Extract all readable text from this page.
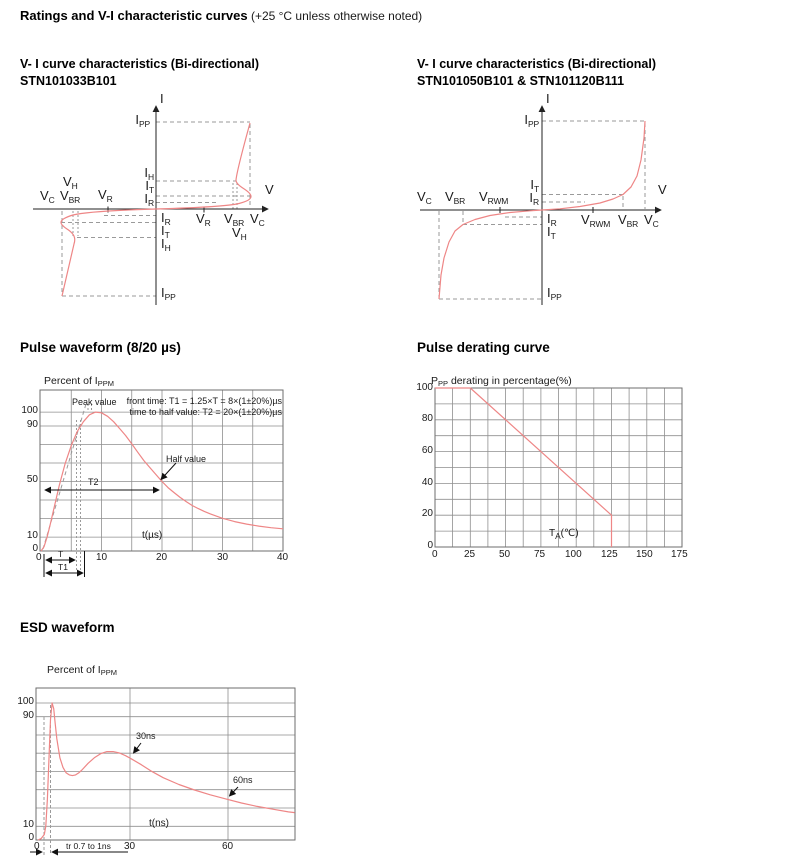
Ratings and V-I characteristic curves (+25 °C unless otherwise noted)
V- I curve characteristics (Bi-directional)
STN101033B101
V- I curve characteristics (Bi-directional)
STN101050B101 & STN101120B111
Pulse waveform (8/20 µs)	Pulse derating curve
ESD waveform
I
V
$I_{PP}$
$I_H$
$I_T$
$I_R$
$I_R$
$I_T$
$I_H$
$I_{PP}$
$V_H$
$V_C$ $V_{BR}$ $V_R$
$V_R$ $V_{BR}$ $V_C$
$V_H$
I
V
$I_{PP}$
$I_T$
$I_R$
$I_R$
$I_T$
$I_{PP}$
$V_C$ $V_{BR}$ $V_{RWM}$
$V_{RWM}$ $V_{BR}$ $V_C$
Percent of $I_{PPM}$
100
90
50
10
0
0	10	20	30	40
t(µs)
Peak value front time: T1 = 1.25×T = 8×(1±20%)µs
time to half value: T2 = 20×(1±20%)µs
T2
Half value
T
T1
$P_{PP}$ derating in percentage(%)
100
80
60
40
20
0
0	25 50 75 100 125 150 175
$T_A(℃)$
Percent of $I_{PPM}$
100
90
10
0
0	30	60
t(ns)
30ns
60ns
tr 0.7 to 1ns
